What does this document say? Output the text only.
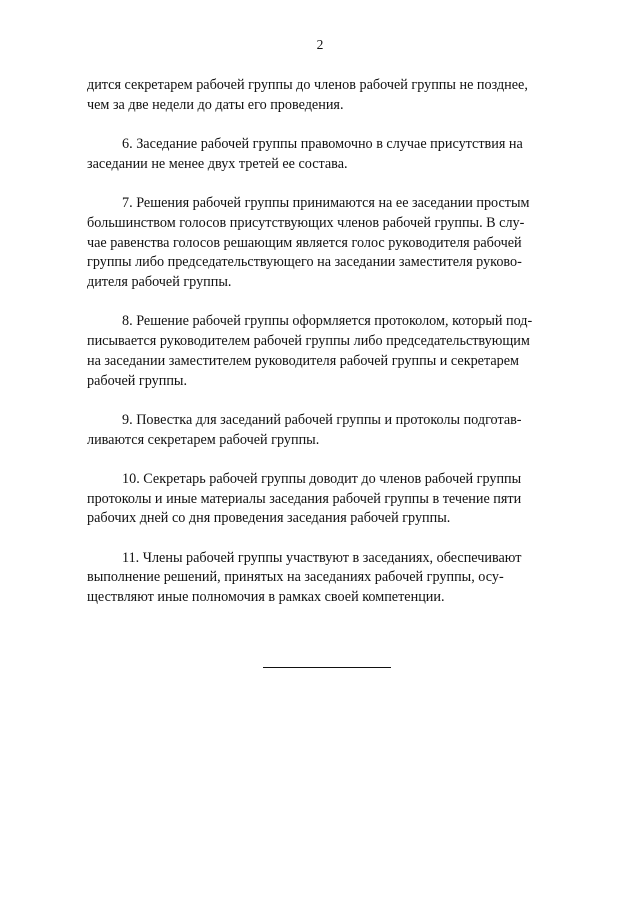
2

дится секретарем рабочей группы до членов рабочей группы не позднее,
чем за две недели до даты его проведения.

6. Заседание рабочей группы правомочно в случае присутствия на
заседании не менее двух третей ее состава.

7. Решения рабочей группы принимаются на ее заседании простым
большинством голосов присутствующих членов рабочей группы. В слу-
чае равенства голосов решающим является голос руководителя рабочей
группы либо председательствующего на заседании заместителя руково-
дителя рабочей группы.

8. Решение рабочей группы оформляется протоколом, который под-
писывается руководителем рабочей группы либо председательствующим
на заседании заместителем руководителя рабочей группы и секретарем
рабочей группы.

9. Повестка для заседаний рабочей группы и протоколы подготав-
ливаются секретарем рабочей группы.

10. Секретарь рабочей группы доводит до членов рабочей группы
протоколы и иные материалы заседания рабочей группы в течение пяти
рабочих дней со дня проведения заседания рабочей группы.

11. Члены рабочей группы участвуют в заседаниях, обеспечивают
выполнение решений, принятых на заседаниях рабочей группы, осу-
ществляют иные полномочия в рамках своей компетенции.
